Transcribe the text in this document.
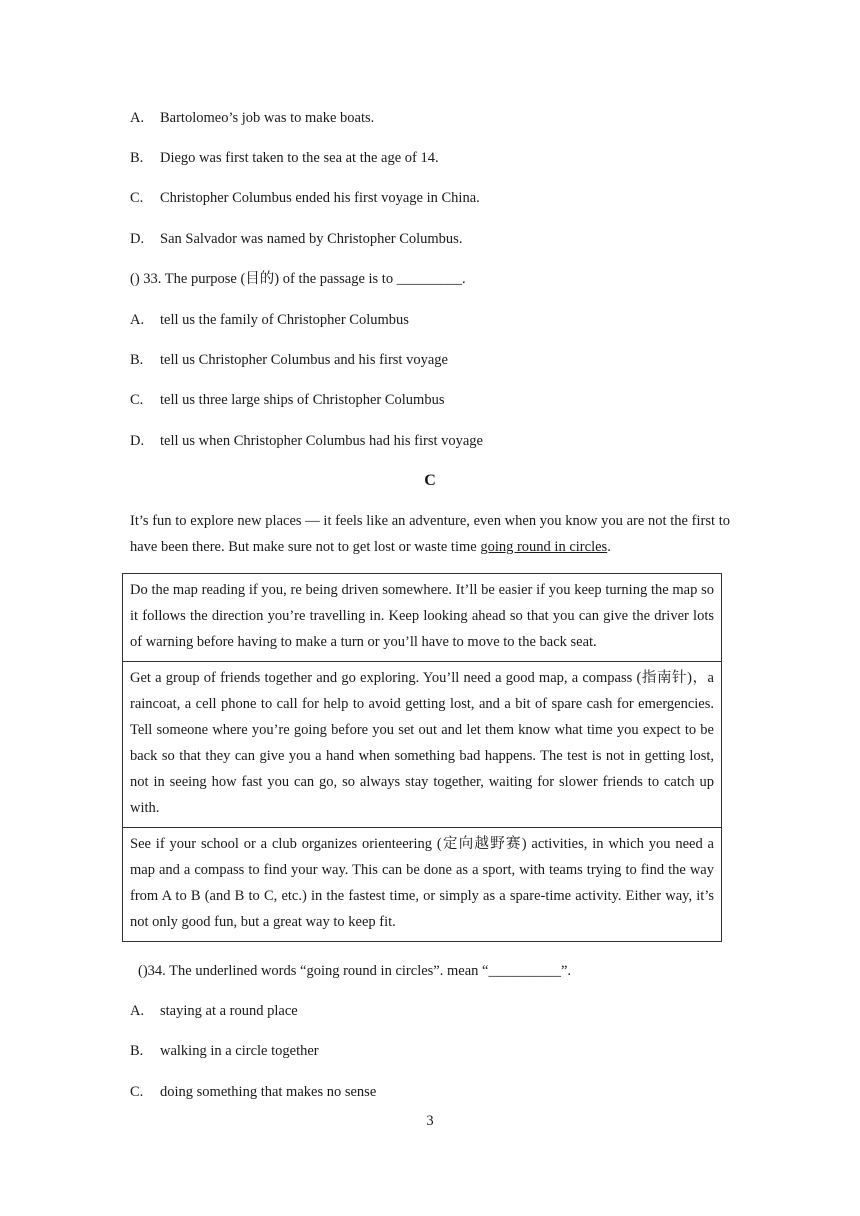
A. Bartolomeo’s job was to make boats.
B. Diego was first taken to the sea at the age of 14.
C. Christopher Columbus ended his first voyage in China.
D. San Salvador was named by Christopher Columbus.
() 33. The purpose (目的) of the passage is to _________.
A. tell us the family of Christopher Columbus
B. tell us Christopher Columbus and his first voyage
C. tell us three large ships of Christopher Columbus
D. tell us when Christopher Columbus had his first voyage
C
It’s fun to explore new places — it feels like an adventure, even when you know you are not the first to have been there. But make sure not to get lost or waste time going round in circles.
Do the map reading if you, re being driven somewhere. It’ll be easier if you keep turning the map so it follows the direction you’re travelling in. Keep looking ahead so that you can give the driver lots of warning before having to make a turn or you’ll have to move to the back seat.
Get a group of friends together and go exploring. You’ll need a good map, a compass (指南针)，a raincoat, a cell phone to call for help to avoid getting lost, and a bit of spare cash for emergencies. Tell someone where you’re going before you set out and let them know what time you expect to be back so that they can give you a hand when something bad happens. The test is not in getting lost, not in seeing how fast you can go, so always stay together, waiting for slower friends to catch up with.
See if your school or a club organizes orienteering (定向越野赛) activities, in which you need a map and a compass to find your way. This can be done as a sport, with teams trying to find the way from A to B (and B to C, etc.) in the fastest time, or simply as a spare-time activity. Either way, it’s not only good fun, but a great way to keep fit.
()34. The underlined words “going round in circles”. mean “__________”.
A. staying at a round place
B. walking in a circle together
C. doing something that makes no sense
3
